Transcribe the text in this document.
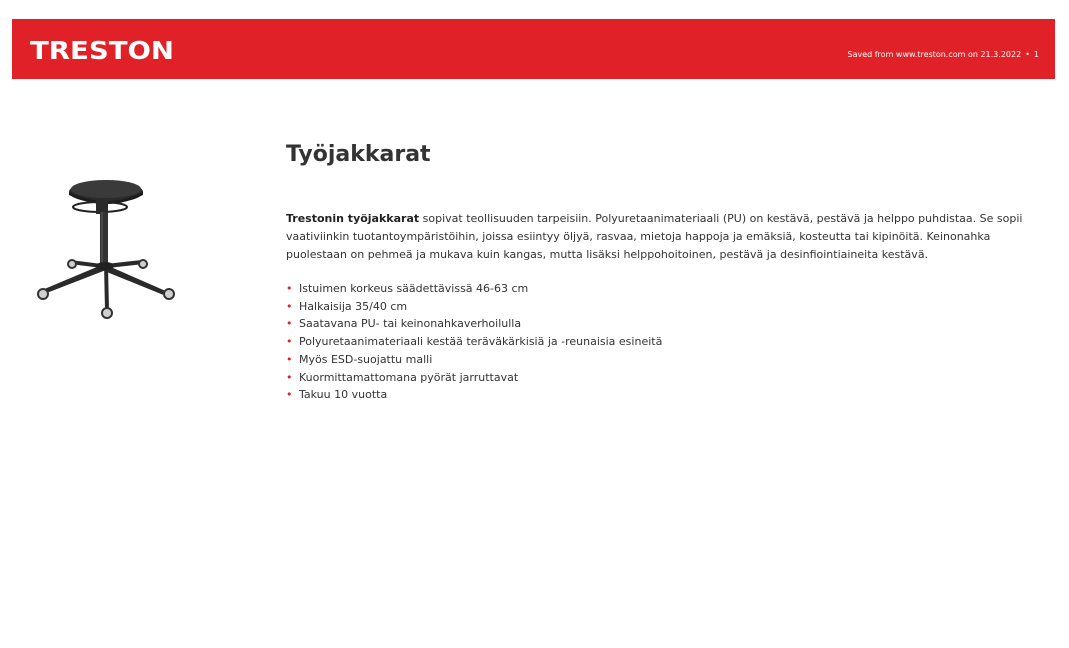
TRESTON	Saved from www.treston.com on 21.3.2022 • 1
Työjakkarat

Trestonin työjakkarat sopivat teollisuuden tarpeisiin. Polyuretaanimateriaali (PU) on kestävä, pestävä ja helppo puhdistaa. Se sopii vaativiinkin tuotantoympäristöihin, joissa esiintyy öljyä, rasvaa, mietoja happoja ja emäksiä, kosteutta tai kipinöitä. Keinonahka puolestaan on pehmeä ja mukava kuin kangas, mutta lisäksi helppohoitoinen, pestävä ja desinfiointiaineita kestävä.

• Istuimen korkeus säädettävissä 46-63 cm
• Halkaisija 35/40 cm
• Saatavana PU- tai keinonahkaverhoilulla
• Polyuretaanimateriaali kestää teräväkärkisiä ja -reunaisia esineitä
• Myös ESD-suojattu malli
• Kuormittamattomana pyörät jarruttavat
• Takuu 10 vuotta
